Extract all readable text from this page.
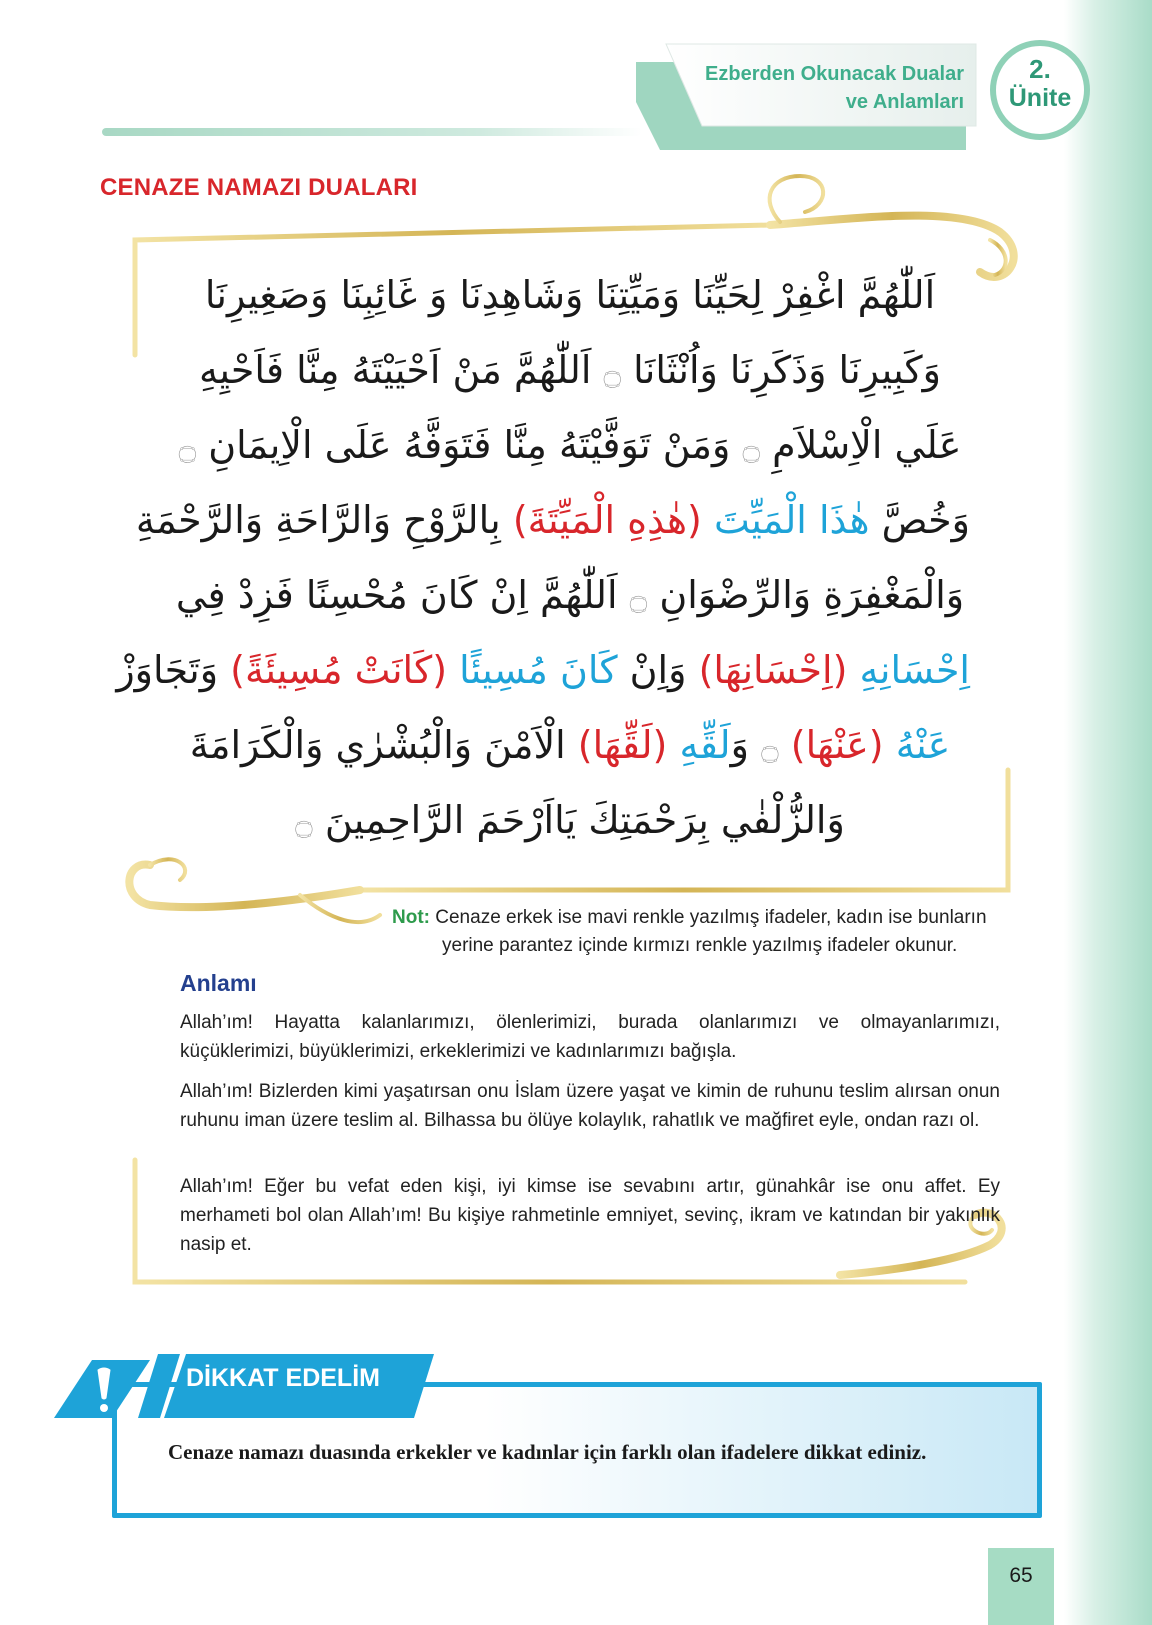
Ezberden Okunacak Dualar
ve Anlamları
2.
Ünite
CENAZE NAMAZI DUALARI
اَللّٰهُمَّ اغْفِرْ لِحَيِّنَا وَمَيِّتِنَا وَشَاهِدِنَا وَ غَائِبِنَا وَصَغِيرِنَا
وَكَبِيرِنَا وَذَكَرِنَا وَاُنْثَانَا ۝ اَللّٰهُمَّ مَنْ اَحْيَيْتَهُ مِنَّا فَاَحْيِهِ
عَلَي الْاِسْلاَمِ ۝ وَمَنْ تَوَفَّيْتَهُ مِنَّا فَتَوَفَّهُ عَلَى الْاِيمَانِ ۝
وَخُصَّ هٰذَا الْمَيِّتَ (هٰذِهِ الْمَيِّتَةَ) بِالرَّوْحِ وَالرَّاحَةِ وَالرَّحْمَةِ
وَالْمَغْفِرَةِ وَالرِّضْوَانِ ۝ اَللّٰهُمَّ اِنْ كَانَ مُحْسِنًا فَزِدْ فِي
اِحْسَانِهِ (اِحْسَانِهَا) وَاِنْ كَانَ مُسِيئًا (كَانَتْ مُسِيئَةً) وَتَجَاوَزْ
عَنْهُ (عَنْهَا) ۝ وَلَقِّهِ (لَقِّهَا) الْاَمْنَ وَالْبُشْرٰي وَالْكَرَامَةَ
وَالزُّلْفٰي بِرَحْمَتِكَ يَااَرْحَمَ الرَّاحِمِينَ ۝
Not: Cenaze erkek ise mavi renkle yazılmış ifadeler, kadın ise bunların
yerine parantez içinde kırmızı renkle yazılmış ifadeler okunur.
Anlamı

Allah’ım! Hayatta kalanlarımızı, ölenlerimizi, burada olanlarımızı ve olmayanlarımızı, küçüklerimizi, büyüklerimizi, erkeklerimizi ve kadınlarımızı bağışla.

Allah’ım! Bizlerden kimi yaşatırsan onu İslam üzere yaşat ve kimin de ruhunu teslim alırsan onun ruhunu iman üzere teslim al. Bilhassa bu ölüye kolaylık, rahatlık ve mağfiret eyle, ondan razı ol.

Allah’ım! Eğer bu vefat eden kişi, iyi kimse ise sevabını artır, günahkâr ise onu affet. Ey merhameti bol olan Allah’ım! Bu kişiye rahmetinle emniyet, sevinç, ikram ve katından bir yakınlık nasip et.

DİKKAT EDELİM
Cenaze namazı duasında erkekler ve kadınlar için farklı olan ifadelere dikkat ediniz.
65
